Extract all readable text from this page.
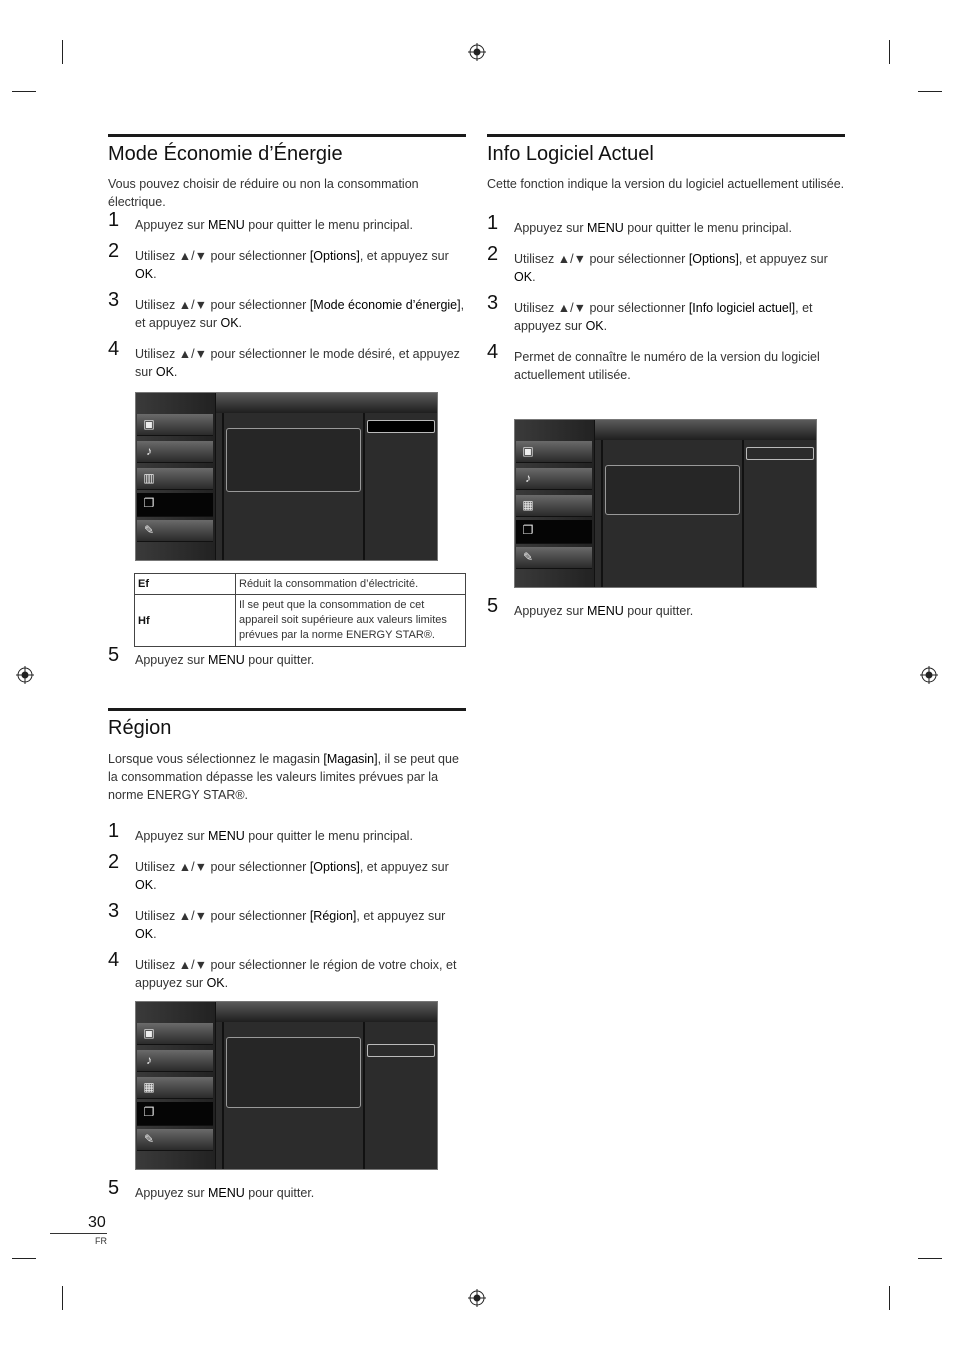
Mode Économie d’Énergie

Vous pouvez choisir de réduire ou non la consommation électrique.

1 Appuyez sur MENU pour quitter le menu principal.
2 Utilisez ▲/▼ pour sélectionner [Options], et appuyez sur OK.
3 Utilisez ▲/▼ pour sélectionner [Mode économie d’énergie], et appuyez sur OK.
4 Utilisez ▲/▼ pour sélectionner le mode désiré, et appuyez sur OK.
▣
♪
▥
❐
✎
Ef	Réduit la consommation d’électricité.
Hf	Il se peut que la consommation de cet appareil soit supérieure aux valeurs limites prévues par la norme ENERGY STAR®.
5 Appuyez sur MENU pour quitter.
Région

Lorsque vous sélectionnez le magasin [Magasin], il se peut que la consommation dépasse les valeurs limites prévues par la norme ENERGY STAR®.

1 Appuyez sur MENU pour quitter le menu principal.
2 Utilisez ▲/▼ pour sélectionner [Options], et appuyez sur OK.
3 Utilisez ▲/▼ pour sélectionner [Région], et appuyez sur OK.
4 Utilisez ▲/▼ pour sélectionner le région de votre choix, et appuyez sur OK.
▣
♪
▦
❐
✎
5 Appuyez sur MENU pour quitter.
Info Logiciel Actuel

Cette fonction indique la version du logiciel actuellement utilisée.

1 Appuyez sur MENU pour quitter le menu principal.
2 Utilisez ▲/▼ pour sélectionner [Options], et appuyez sur OK.
3 Utilisez ▲/▼ pour sélectionner [Info logiciel actuel], et appuyez sur OK.
4 Permet de connaître le numéro de la version du logiciel actuellement utilisée.
▣
♪
▦
❐
✎
5 Appuyez sur MENU pour quitter.
30
FR
